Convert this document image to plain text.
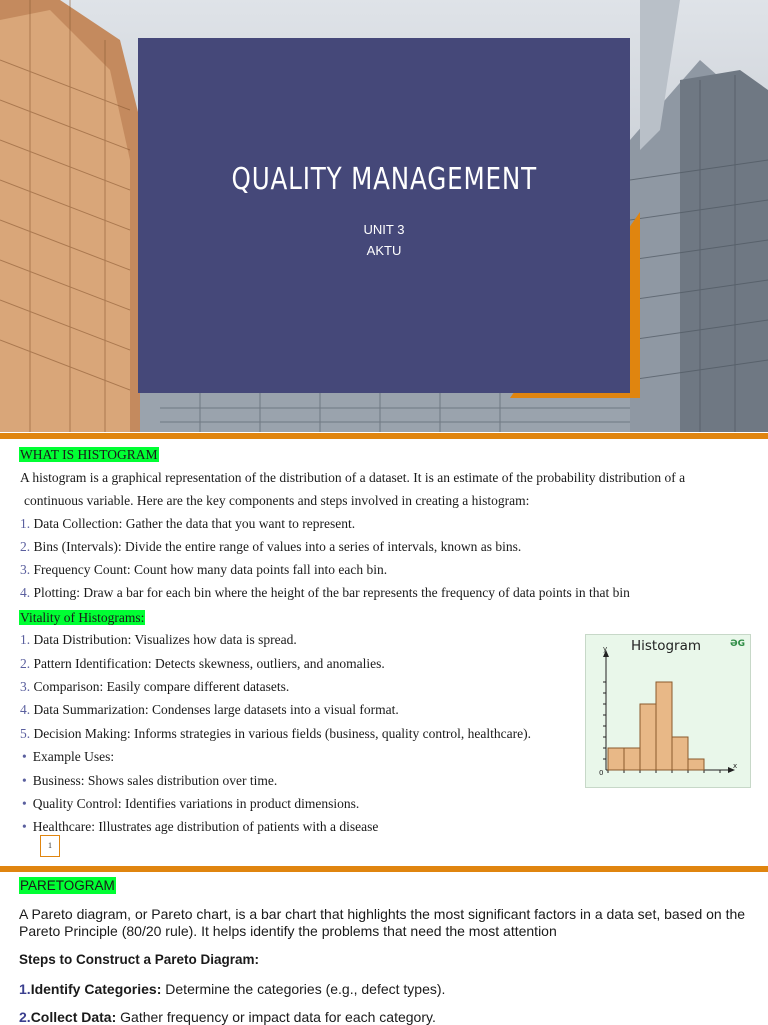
QUALITY MANAGEMENT
UNIT 3
AKTU
WHAT IS HISTOGRAM
A histogram is a graphical representation of the distribution of a dataset. It is an estimate of the probability distribution of a
continuous variable. Here are the key components and steps involved in creating a histogram:
1. Data Collection: Gather the data that you want to represent.
2. Bins (Intervals): Divide the entire range of values into a series of intervals, known as bins.
3. Frequency Count: Count how many data points fall into each bin.
4. Plotting: Draw a bar for each bin where the height of the bar represents the frequency of data points in that bin
Vitality of Histograms:
1. Data Distribution: Visualizes how data is spread.
2. Pattern Identification: Detects skewness, outliers, and anomalies.
3. Comparison: Easily compare different datasets.
4. Data Summarization: Condenses large datasets into a visual format.
5. Decision Making: Informs strategies in various fields (business, quality control, healthcare).
• Example Uses:
• Business: Shows sales distribution over time.
• Quality Control: Identifies variations in product dimensions.
• Healthcare: Illustrates age distribution of patients with a disease
1
Histogram	ƏG
y
x
0
PARETOGRAM
A Pareto diagram, or Pareto chart, is a bar chart that highlights the most significant factors in a data set, based on the Pareto Principle (80/20 rule). It helps identify the problems that need the most attention
Steps to Construct a Pareto Diagram:
1.Identify Categories: Determine the categories (e.g., defect types).
2.Collect Data: Gather frequency or impact data for each category.
